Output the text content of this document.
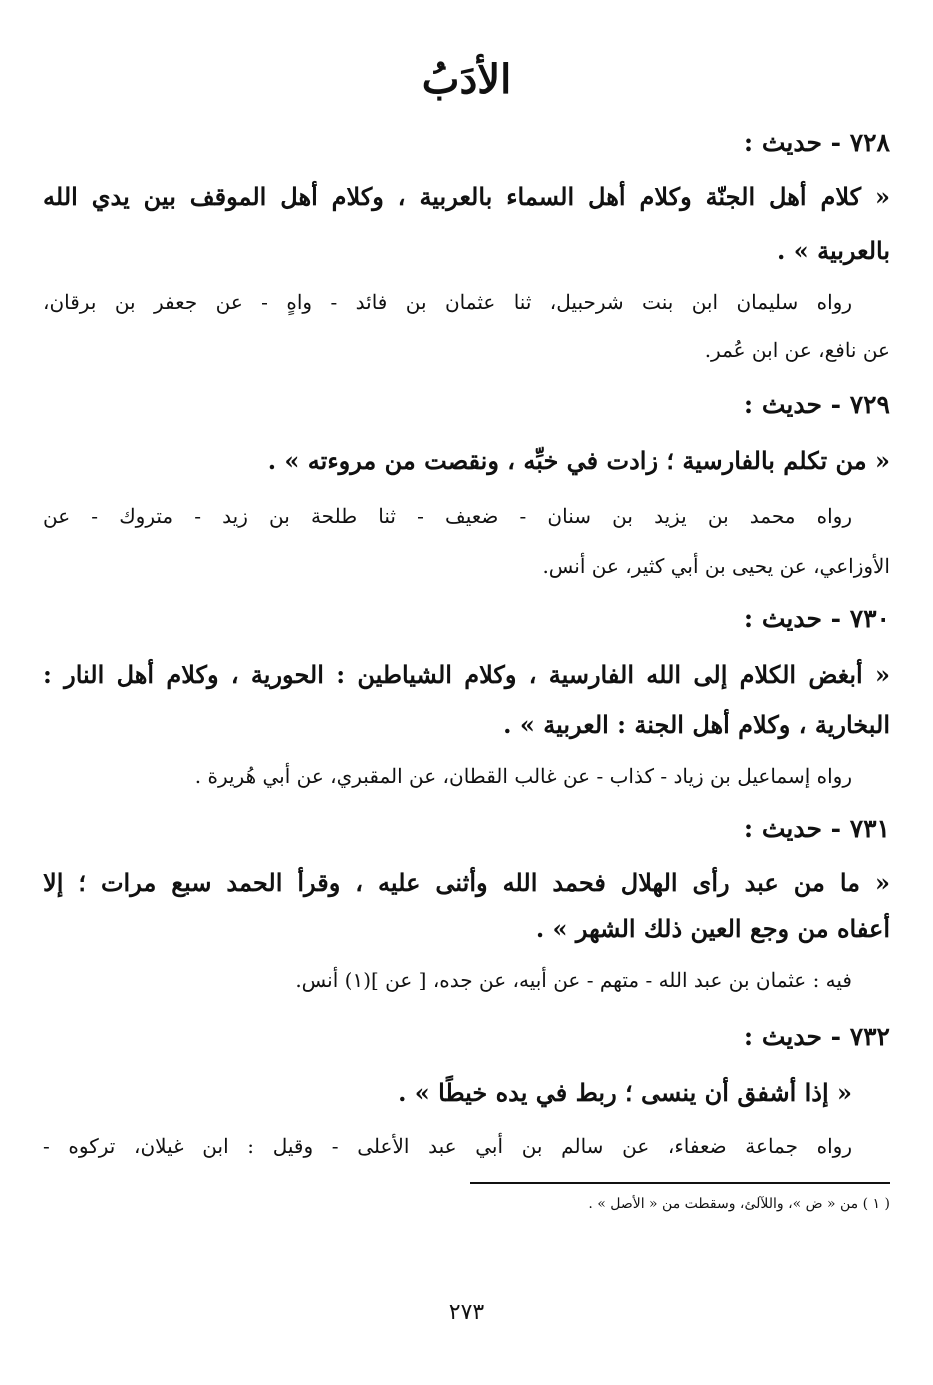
الأدَبُ
٧٢٨ - حديث :
« كلام أهل الجنّة وكلام أهل السماء بالعربية ، وكلام أهل الموقف بين يدي الله
بالعربية » .
رواه سليمان ابن بنت شرحبيل، ثنا عثمان بن فائد - واهٍ - عن جعفر بن برقان،
عن نافع، عن ابن عُمر.
٧٢٩ - حديث :
« من تكلم بالفارسية ؛ زادت في خبِّه ، ونقصت من مروءته » .
رواه محمد بن يزيد بن سنان - ضعيف - ثنا طلحة بن زيد - متروك - عن
الأوزاعي، عن يحيى بن أبي كثير، عن أنس.
٧٣٠ - حديث :
« أبغض الكلام إلى الله الفارسية ، وكلام الشياطين : الحورية ، وكلام أهل النار :
البخارية ، وكلام أهل الجنة : العربية » .
رواه إسماعيل بن زياد - كذاب - عن غالب القطان، عن المقبري، عن أبي هُريرة .
٧٣١ - حديث :
« ما من عبد رأى الهلال فحمد الله وأثنى عليه ، وقرأ الحمد سبع مرات ؛ إلا
أعفاه من وجع العين ذلك الشهر » .
فيه : عثمان بن عبد الله - متهم - عن أبيه، عن جده، [ عن ](١) أنس.
٧٣٢ - حديث :
« إذا أشفق أن ينسى ؛ ربط في يده خيطًا » .
رواه جماعة ضعفاء، عن سالم بن أبي عبد الأعلى - وقيل : ابن غيلان، تركوه -
( ١ ) من « ض »، واللآلئ، وسقطت من « الأصل » .
٢٧٣
